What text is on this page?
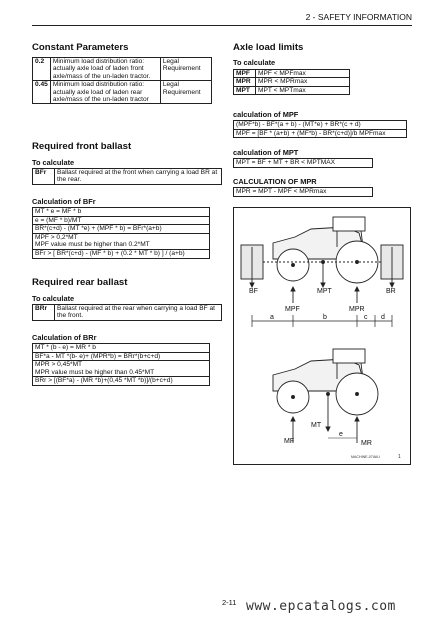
2 - SAFETY INFORMATION
Constant Parameters
0.2	Minimum load distribution ratio: actually axle load of laden front axle/mass of the un-laden tractor.	Legal Requirement
0.45	Minimum load distribution ratio: actually axle load of laden rear axle/mass of the un-laden tractor	Legal Requirement
Required front ballast
To calculate
BFr	Ballast required at the front when carrying a load BR at the rear.
Calculation of BFr
MT * e = MF * b
e = (MF * b)/MT
BR*(c+d) - (MT *e) + (MPF * b) = BFr*(a+b)
MPF > 0,2*MT
MPF value must be higher than 0.2*MT
BFr > [ BR*(c+d) - (MF * b) + (0.2 * MT * b) ] / (a+b)
Required rear ballast
To calculate
BRr	Ballast required at the rear when carrying a load BF at the front.
Calculation of BRr
MT * (b - e) = MR * b
BF*a - MT *(b- e)+ (MPR*b) = BRr*(b+c+d)
MPR > 0,45*MT
MPR value must be higher than 0.45*MT
BRr > [(BF*a) - (MR *b)+(0,45 *MT *b)]/(b+c+d)
Axle load limits
To calculate
MPF	MPF < MPFmax
MPR	MPR < MPRmax
MPT	MPT < MPTmax
calculation of MPF
(MPF*b) - BF*(a + b) - (MT*e) + BR*(c + d)
MPF = [BF * (a+b) + (MF*b) - BR*(c+d)]/b MPFmax
calculation of MPT
MPT = BF + MT + BR < MPTMAX
CALCULATION OF MPR
MPR = MPT - MPF < MPRmax
BF
MPF
MPT
MPR
BR
a	b	c d
MF
MT
e
MR
MACHINE-07IAILI	1
2-11 www.epcatalogs.com
